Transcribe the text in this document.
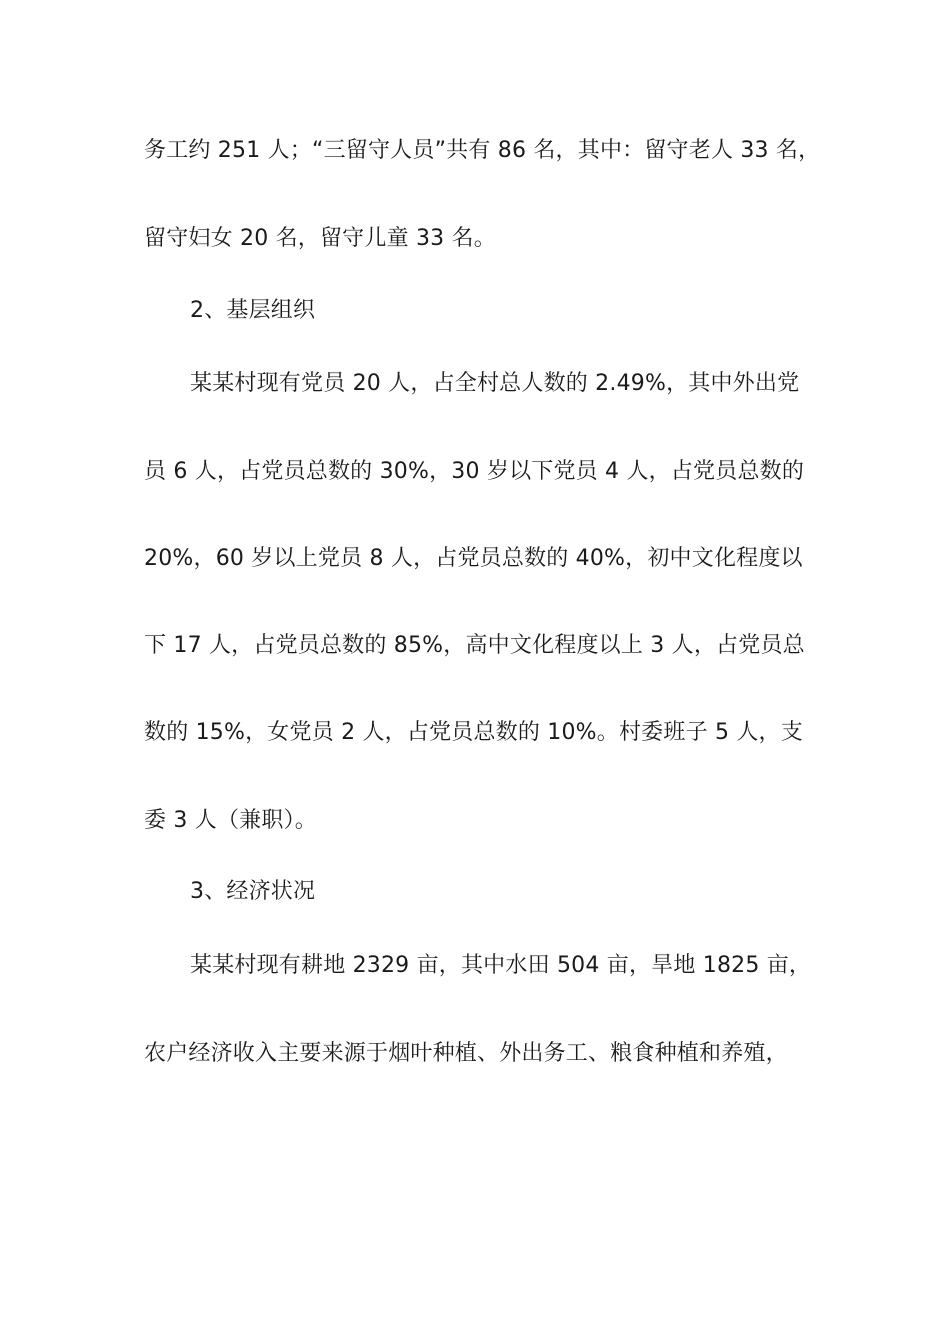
务工约 251 人；“三留守人员”共有 86 名，其中：留守老人 33 名，
留守妇女 20 名，留守儿童 33 名。
2、基层组织
某某村现有党员 20 人，占全村总人数的 2.49%，其中外出党
员 6 人，占党员总数的 30%，30 岁以下党员 4 人，占党员总数的
20%，60 岁以上党员 8 人，占党员总数的 40%，初中文化程度以
下 17 人，占党员总数的 85%，高中文化程度以上 3 人，占党员总
数的 15%，女党员 2 人，占党员总数的 10%。村委班子 5 人，支
委 3 人（兼职）。
3、经济状况
某某村现有耕地 2329 亩，其中水田 504 亩，旱地 1825 亩，
农户经济收入主要来源于烟叶种植、外出务工、粮食种植和养殖，
